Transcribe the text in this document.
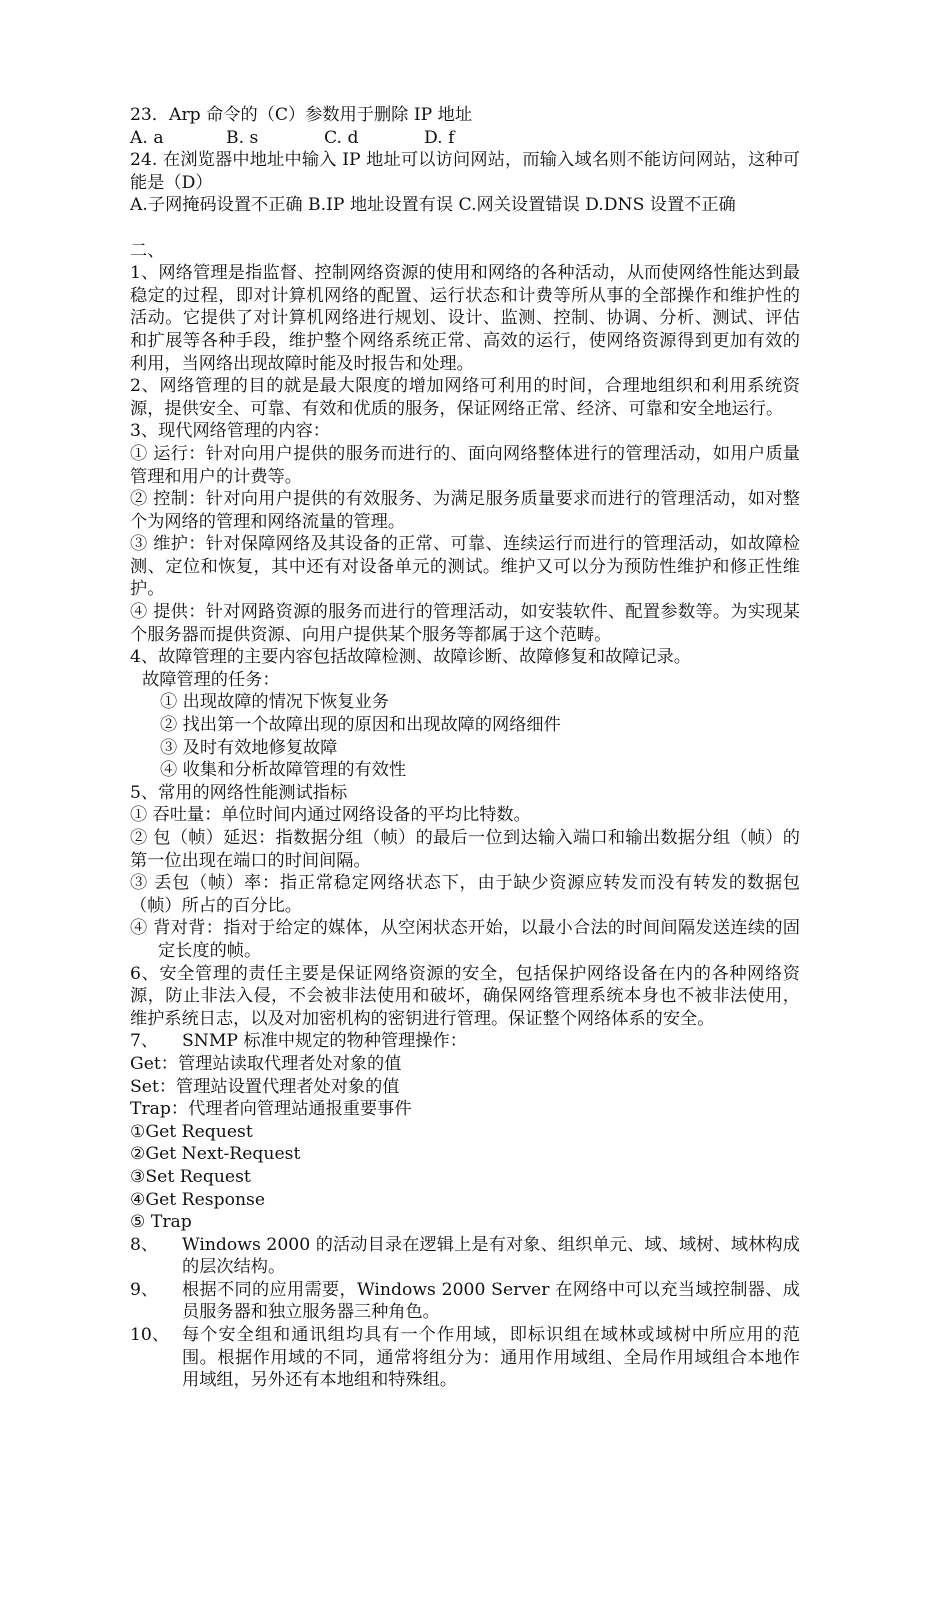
23．Arp 命令的（C）参数用于删除 IP 地址

A. a	B. s	C. d	D. f

24. 在浏览器中地址中输入 IP 地址可以访问网站，而输入域名则不能访问网站，这种可能是（D）

A.子网掩码设置不正确 B.IP 地址设置有误 C.网关设置错误 D.DNS 设置不正确

二、

1、网络管理是指监督、控制网络资源的使用和网络的各种活动，从而使网络性能达到最稳定的过程，即对计算机网络的配置、运行状态和计费等所从事的全部操作和维护性的活动。它提供了对计算机网络进行规划、设计、监测、控制、协调、分析、测试、评估和扩展等各种手段，维护整个网络系统正常、高效的运行，使网络资源得到更加有效的利用，当网络出现故障时能及时报告和处理。

2、网络管理的目的就是最大限度的增加网络可利用的时间，合理地组织和利用系统资源，提供安全、可靠、有效和优质的服务，保证网络正常、经济、可靠和安全地运行。

3、现代网络管理的内容：

① 运行：针对向用户提供的服务而进行的、面向网络整体进行的管理活动，如用户质量管理和用户的计费等。

② 控制：针对向用户提供的有效服务、为满足服务质量要求而进行的管理活动，如对整个为网络的管理和网络流量的管理。

③ 维护：针对保障网络及其设备的正常、可靠、连续运行而进行的管理活动，如故障检测、定位和恢复，其中还有对设备单元的测试。维护又可以分为预防性维护和修正性维护。

④ 提供：针对网路资源的服务而进行的管理活动，如安装软件、配置参数等。为实现某个服务器而提供资源、向用户提供某个服务等都属于这个范畴。

4、故障管理的主要内容包括故障检测、故障诊断、故障修复和故障记录。

故障管理的任务：

① 出现故障的情况下恢复业务

② 找出第一个故障出现的原因和出现故障的网络细件

③ 及时有效地修复故障

④ 收集和分析故障管理的有效性

5、常用的网络性能测试指标

① 吞吐量：单位时间内通过网络设备的平均比特数。

② 包（帧）延迟：指数据分组（帧）的最后一位到达输入端口和输出数据分组（帧）的第一位出现在端口的时间间隔。

③ 丢包（帧）率：指正常稳定网络状态下，由于缺少资源应转发而没有转发的数据包（帧）所占的百分比。

④ 背对背：指对于给定的媒体，从空闲状态开始，以最小合法的时间间隔发送连续的固定长度的帧。

6、安全管理的责任主要是保证网络资源的安全，包括保护网络设备在内的各种网络资源，防止非法入侵，不会被非法使用和破坏，确保网络管理系统本身也不被非法使用，维护系统日志，以及对加密机构的密钥进行管理。保证整个网络体系的安全。

7、	SNMP 标准中规定的物种管理操作：

Get：管理站读取代理者处对象的值

Set：管理站设置代理者处对象的值

Trap：代理者向管理站通报重要事件

①Get Request

②Get Next-Request

③Set Request

④Get Response

⑤ Trap

8、	Windows 2000 的活动目录在逻辑上是有对象、组织单元、域、域树、域林构成的层次结构。
9、	根据不同的应用需要，Windows 2000 Server 在网络中可以充当域控制器、成员服务器和独立服务器三种角色。
10、 每个安全组和通讯组均具有一个作用域，即标识组在域林或域树中所应用的范围。根据作用域的不同，通常将组分为：通用作用域组、全局作用域组合本地作用域组，另外还有本地组和特殊组。
